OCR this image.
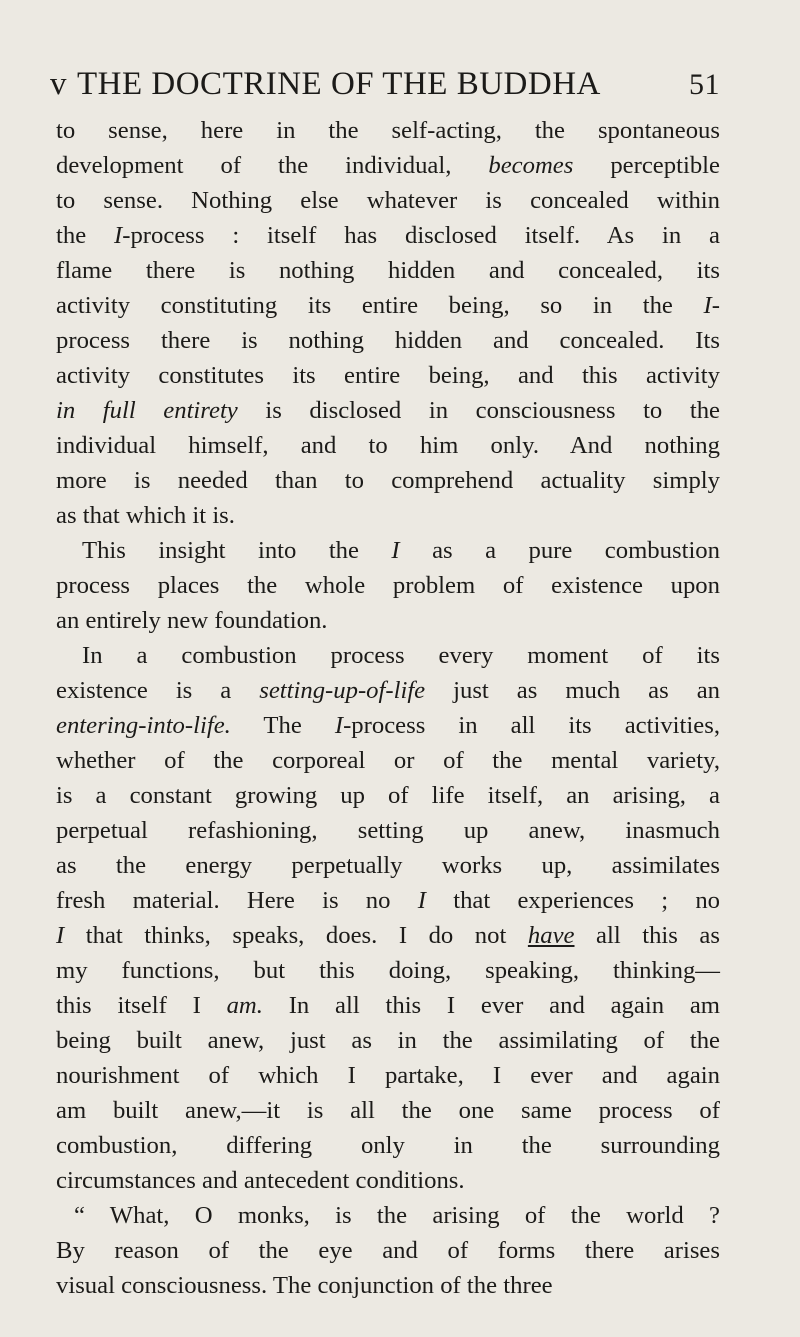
v THE DOCTRINE OF THE BUDDHA	51

to sense, here in the self-acting, the spontaneous
development of the individual, becomes perceptible
to sense. Nothing else whatever is concealed within
the I-process : itself has disclosed itself. As in a
flame there is nothing hidden and concealed, its
activity constituting its entire being, so in the I-
process there is nothing hidden and concealed. Its
activity constitutes its entire being, and this activity
in full entirety is disclosed in consciousness to the
individual himself, and to him only. And nothing
more is needed than to comprehend actuality simply
as that which it is.

This insight into the I as a pure combustion
process places the whole problem of existence upon
an entirely new foundation.

In a combustion process every moment of its
existence is a setting-up-of-life just as much as an
entering-into-life. The I-process in all its activities,
whether of the corporeal or of the mental variety,
is a constant growing up of life itself, an arising, a
perpetual refashioning, setting up anew, inasmuch
as the energy perpetually works up, assimilates
fresh material. Here is no I that experiences ; no
I that thinks, speaks, does. I do not have all this as
my functions, but this doing, speaking, thinking—
this itself I am. In all this I ever and again am
being built anew, just as in the assimilating of the
nourishment of which I partake, I ever and again
am built anew,—it is all the one same process of
combustion, differing only in the surrounding
circumstances and antecedent conditions.

“ What, O monks, is the arising of the world ?
By reason of the eye and of forms there arises
visual consciousness. The conjunction of the three
